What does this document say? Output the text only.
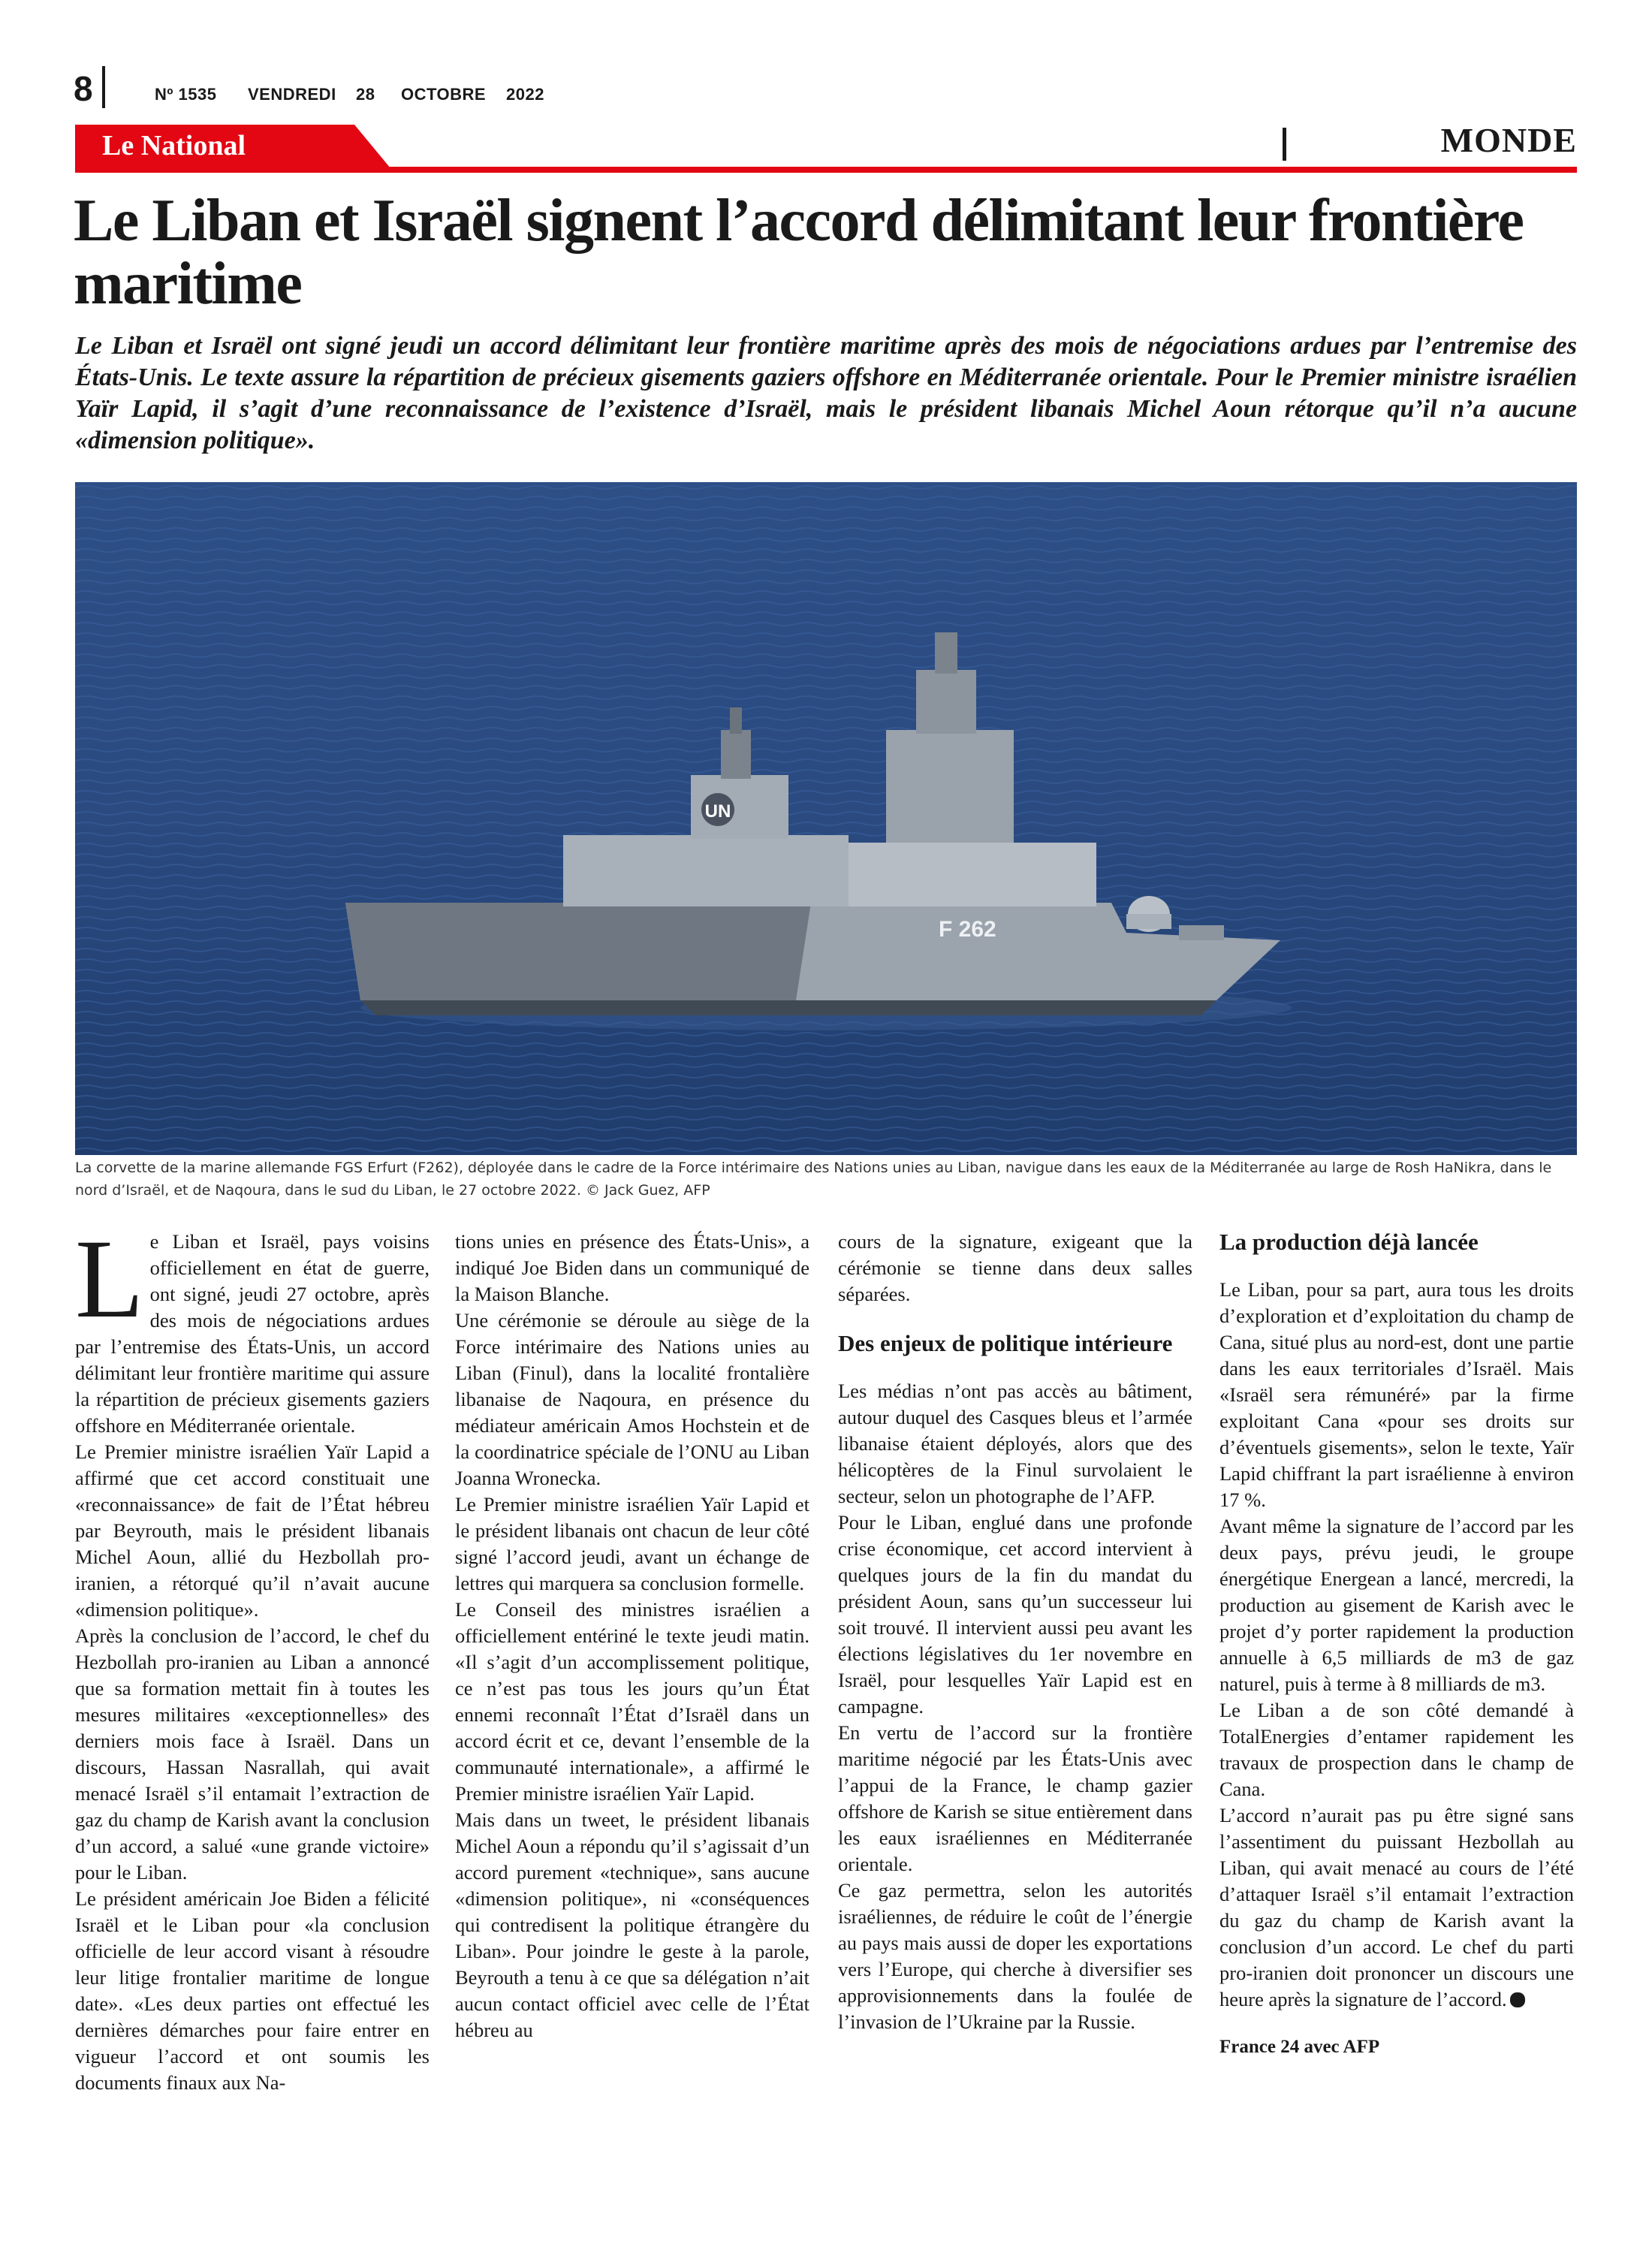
8	Nº 1535 VENDREDI 28 OCTOBRE 2022
Le National	MONDE
Le Liban et Israël signent l’accord délimitant leur frontière maritime
Le Liban et Israël ont signé jeudi un accord délimitant leur frontière maritime après des mois de négociations ardues par l’entremise des États-Unis. Le texte assure la répartition de précieux gisements gaziers offshore en Méditerranée orientale. Pour le Premier ministre israélien Yaïr Lapid, il s’agit d’une reconnaissance de l’existence d’Israël, mais le président libanais Michel Aoun rétorque qu’il n’a aucune «dimension politique».
UN
F 262
La corvette de la marine allemande FGS Erfurt (F262), déployée dans le cadre de la Force intérimaire des Nations unies au Liban, navigue dans les eaux de la Méditerranée au large de Rosh HaNikra, dans le nord d’Israël, et de Naqoura, dans le sud du Liban, le 27 octobre 2022. © Jack Guez, AFP
L e Liban et Israël, pays voisins officiellement en état de guerre, ont signé, jeudi 27 octobre, après des mois de négociations ardues par l’entremise des États-Unis, un accord délimitant leur frontière maritime qui assure la répartition de précieux gisements gaziers offshore en Méditerranée orientale.

Le Premier ministre israélien Yaïr Lapid a affirmé que cet accord constituait une «reconnaissance» de fait de l’État hébreu par Beyrouth, mais le président libanais Michel Aoun, allié du Hezbollah pro-iranien, a rétorqué qu’il n’avait aucune «dimension politique».

Après la conclusion de l’accord, le chef du Hezbollah pro-iranien au Liban a annoncé que sa formation mettait fin à toutes les mesures militaires «exceptionnelles» des derniers mois face à Israël. Dans un discours, Hassan Nasrallah, qui avait menacé Israël s’il entamait l’extraction de gaz du champ de Karish avant la conclusion d’un accord, a salué «une grande victoire» pour le Liban.

Le président américain Joe Biden a félicité Israël et le Liban pour «la conclusion officielle de leur accord visant à résoudre leur litige frontalier maritime de longue date». «Les deux parties ont effectué les dernières démarches pour faire entrer en vigueur l’accord et ont soumis les documents finaux aux Na-

tions unies en présence des États-Unis», a indiqué Joe Biden dans un communiqué de la Maison Blanche.

Une cérémonie se déroule au siège de la Force intérimaire des Nations unies au Liban (Finul), dans la localité frontalière libanaise de Naqoura, en présence du médiateur américain Amos Hochstein et de la coordinatrice spéciale de l’ONU au Liban Joanna Wronecka.

Le Premier ministre israélien Yaïr Lapid et le président libanais ont chacun de leur côté signé l’accord jeudi, avant un échange de lettres qui marquera sa conclusion formelle.

Le Conseil des ministres israélien a officiellement entériné le texte jeudi matin. «Il s’agit d’un accomplissement politique, ce n’est pas tous les jours qu’un État ennemi reconnaît l’État d’Israël dans un accord écrit et ce, devant l’ensemble de la communauté internationale», a affirmé le Premier ministre israélien Yaïr Lapid.

Mais dans un tweet, le président libanais Michel Aoun a répondu qu’il s’agissait d’un accord purement «technique», sans aucune «dimension politique», ni «conséquences qui contredisent la politique étrangère du Liban». Pour joindre le geste à la parole, Beyrouth a tenu à ce que sa délégation n’ait aucun contact officiel avec celle de l’État hébreu au

cours de la signature, exigeant que la cérémonie se tienne dans deux salles séparées.

Des enjeux de politique intérieure

Les médias n’ont pas accès au bâtiment, autour duquel des Casques bleus et l’armée libanaise étaient déployés, alors que des hélicoptères de la Finul survolaient le secteur, selon un photographe de l’AFP.

Pour le Liban, englué dans une profonde crise économique, cet accord intervient à quelques jours de la fin du mandat du président Aoun, sans qu’un successeur lui soit trouvé. Il intervient aussi peu avant les élections législatives du 1er novembre en Israël, pour lesquelles Yaïr Lapid est en campagne.

En vertu de l’accord sur la frontière maritime négocié par les États-Unis avec l’appui de la France, le champ gazier offshore de Karish se situe entièrement dans les eaux israéliennes en Méditerranée orientale.

Ce gaz permettra, selon les autorités israéliennes, de réduire le coût de l’énergie au pays mais aussi de doper les exportations vers l’Europe, qui cherche à diversifier ses approvisionnements dans la foulée de l’invasion de l’Ukraine par la Russie.

La production déjà lancée

Le Liban, pour sa part, aura tous les droits d’exploration et d’exploitation du champ de Cana, situé plus au nord-est, dont une partie dans les eaux territoriales d’Israël. Mais «Israël sera rémunéré» par la firme exploitant Cana «pour ses droits sur d’éventuels gisements», selon le texte, Yaïr Lapid chiffrant la part israélienne à environ 17 %.

Avant même la signature de l’accord par les deux pays, prévu jeudi, le groupe énergétique Energean a lancé, mercredi, la production au gisement de Karish avec le projet d’y porter rapidement la production annuelle à 6,5 milliards de m3 de gaz naturel, puis à terme à 8 milliards de m3.

Le Liban a de son côté demandé à TotalEnergies d’entamer rapidement les travaux de prospection dans le champ de Cana.

L’accord n’aurait pas pu être signé sans l’assentiment du puissant Hezbollah au Liban, qui avait menacé au cours de l’été d’attaquer Israël s’il entamait l’extraction du gaz du champ de Karish avant la conclusion d’un accord. Le chef du parti pro-iranien doit prononcer un discours une heure après la signature de l’accord.

France 24 avec AFP
